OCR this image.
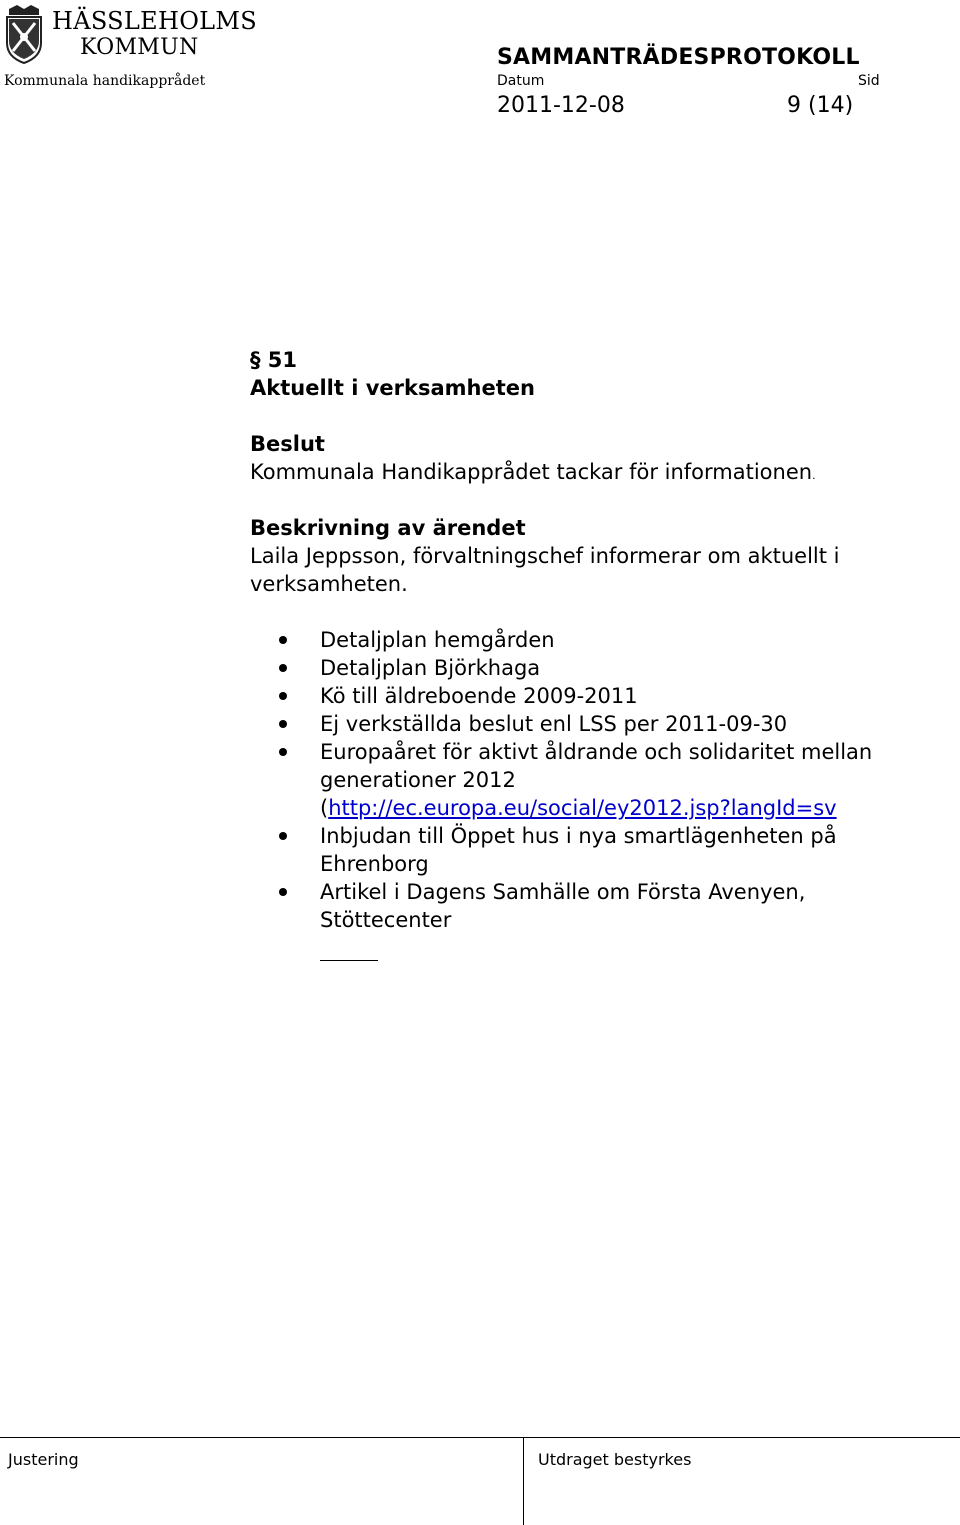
HÄSSLEHOLMS
KOMMUN
Kommunala handikapprådet
SAMMANTRÄDESPROTOKOLL
Datum	Sid
2011-12-08	9 (14)
§ 51
Aktuellt i verksamheten
Beslut
Kommunala Handikapprådet tackar för informationen.
Beskrivning av ärendet
Laila Jeppsson, förvaltningschef informerar om aktuellt i verksamheten.
Detaljplan hemgården
Detaljplan Björkhaga
Kö till äldreboende 2009-2011
Ej verkställda beslut enl LSS per 2011-09-30
Europaåret för aktivt åldrande och solidaritet mellan generationer 2012
(http://ec.europa.eu/social/ey2012.jsp?langId=sv
Inbjudan till Öppet hus i nya smartlägenheten på Ehrenborg
Artikel i Dagens Samhälle om Första Avenyen, Stöttecenter
Justering	Utdraget bestyrkes
